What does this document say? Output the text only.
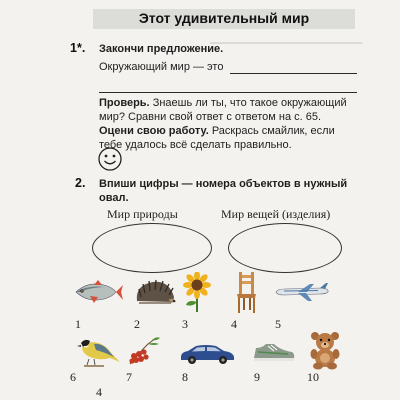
▔▔▔▔▔▔▔▔▔▔▔▔▔▔▔▔▔▔▔▔▔▔
Этот удивительный мир
1*. Закончи предложение.
Окружающий мир — это
Проверь. Знаешь ли ты, что такое окружающий
мир? Сравни свой ответ с ответом на с. 65.
Оцени свою работу. Раскрась смайлик, если
тебе удалось всё сделать правильно.
2. Впиши цифры — номера объектов в нужный
овал.
Мир природы	Мир вещей (изделия)
1	2	3	4	5
6	7	8	9	10
4
